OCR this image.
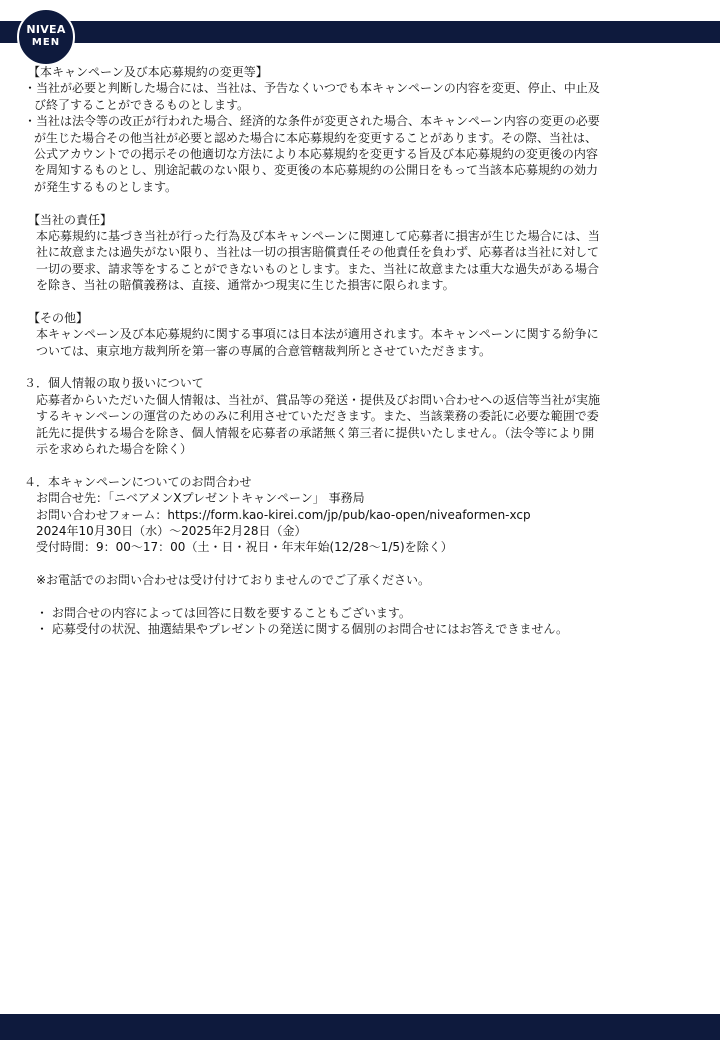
NIVEA
MEN
【本キャンペーン及び本応募規約の変更等】
・当社が必要と判断した場合には、当社は、予告なくいつでも本キャンペーンの内容を変更、停止、中止及
び終了することができるものとします。
・当社は法令等の改正が行われた場合、経済的な条件が変更された場合、本キャンペーン内容の変更の必要
が生じた場合その他当社が必要と認めた場合に本応募規約を変更することがあります。その際、当社は、
公式アカウントでの掲示その他適切な方法により本応募規約を変更する旨及び本応募規約の変更後の内容
を周知するものとし、別途記載のない限り、変更後の本応募規約の公開日をもって当該本応募規約の効力
が発生するものとします。
【当社の責任】
本応募規約に基づき当社が行った行為及び本キャンペーンに関連して応募者に損害が生じた場合には、当
社に故意または過失がない限り、当社は一切の損害賠償責任その他責任を負わず、応募者は当社に対して
一切の要求、請求等をすることができないものとします。また、当社に故意または重大な過失がある場合
を除き、当社の賠償義務は、直接、通常かつ現実に生じた損害に限られます。
【その他】
本キャンペーン及び本応募規約に関する事項には日本法が適用されます。本キャンペーンに関する紛争に
ついては、東京地方裁判所を第一審の専属的合意管轄裁判所とさせていただきます。
３．個人情報の取り扱いについて
応募者からいただいた個人情報は、当社が、賞品等の発送・提供及びお問い合わせへの返信等当社が実施
するキャンペーンの運営のためのみに利用させていただきます。また、当該業務の委託に必要な範囲で委
託先に提供する場合を除き、個人情報を応募者の承諾無く第三者に提供いたしません。（法令等により開
示を求められた場合を除く）
４．本キャンペーンについてのお問合わせ
お問合せ先：「ニベアメンXプレゼントキャンペーン」 事務局
お問い合わせフォーム：https://form.kao-kirei.com/jp/pub/kao-open/niveaformen-xcp
2024年10月30日（水）～2025年2月28日（金）
受付時間：9：00～17：00（土・日・祝日・年末年始(12/28～1/5)を除く）
※お電話でのお問い合わせは受け付けておりませんのでご了承ください。
・ お問合せの内容によっては回答に日数を要することもございます。
・ 応募受付の状況、抽選結果やプレゼントの発送に関する個別のお問合せにはお答えできません。
